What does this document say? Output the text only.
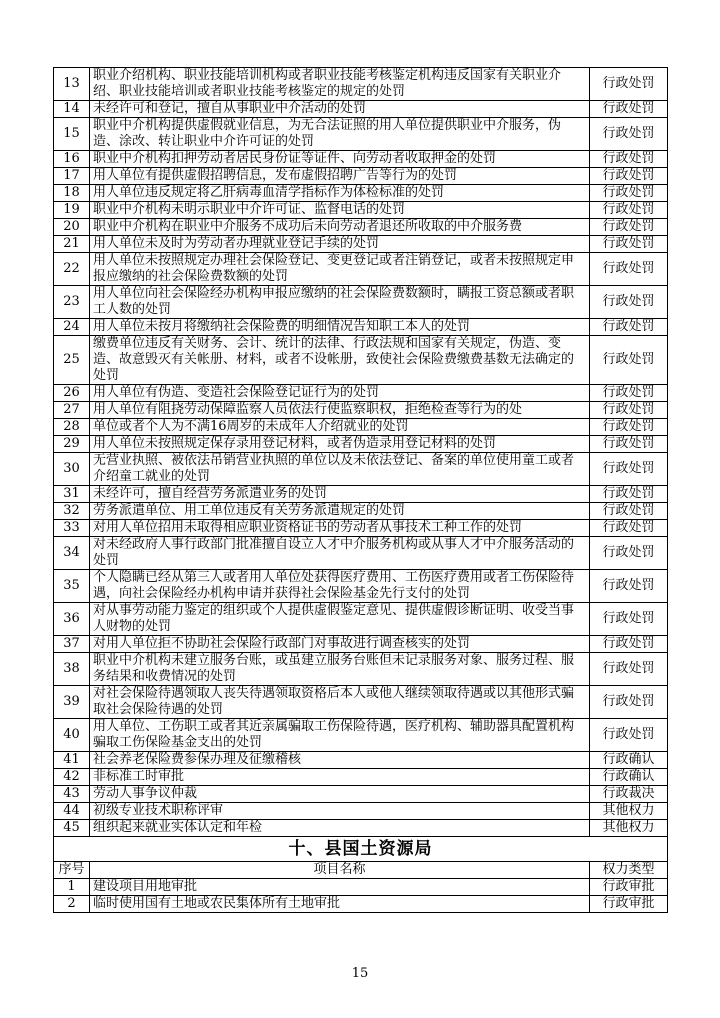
13	职业介绍机构、职业技能培训机构或者职业技能考核鉴定机构违反国家有关职业介绍、职业技能培训或者职业技能考核鉴定的规定的处罚	行政处罚
14	未经许可和登记，擅自从事职业中介活动的处罚	行政处罚
15	职业中介机构提供虚假就业信息，为无合法证照的用人单位提供职业中介服务，伪造、涂改、转让职业中介许可证的处罚	行政处罚
16	职业中介机构扣押劳动者居民身份证等证件、向劳动者收取押金的处罚	行政处罚
17	用人单位有提供虚假招聘信息，发布虚假招聘广告等行为的处罚	行政处罚
18	用人单位违反规定将乙肝病毒血清学指标作为体检标准的处罚	行政处罚
19	职业中介机构未明示职业中介许可证、监督电话的处罚	行政处罚
20	职业中介机构在职业中介服务不成功后未向劳动者退还所收取的中介服务费	行政处罚
21	用人单位未及时为劳动者办理就业登记手续的处罚	行政处罚
22	用人单位未按照规定办理社会保险登记、变更登记或者注销登记，或者未按照规定申报应缴纳的社会保险费数额的处罚	行政处罚
23	用人单位向社会保险经办机构申报应缴纳的社会保险费数额时，瞒报工资总额或者职工人数的处罚	行政处罚
24	用人单位未按月将缴纳社会保险费的明细情况告知职工本人的处罚	行政处罚
25	缴费单位违反有关财务、会计、统计的法律、行政法规和国家有关规定，伪造、变造、故意毁灭有关帐册、材料，或者不设帐册，致使社会保险费缴费基数无法确定的处罚	行政处罚
26	用人单位有伪造、变造社会保险登记证行为的处罚	行政处罚
27	用人单位有阻挠劳动保障监察人员依法行使监察职权，拒绝检查等行为的处	行政处罚
28	单位或者个人为不满16周岁的未成年人介绍就业的处罚	行政处罚
29	用人单位未按照规定保存录用登记材料，或者伪造录用登记材料的处罚	行政处罚
30	无营业执照、被依法吊销营业执照的单位以及未依法登记、备案的单位使用童工或者介绍童工就业的处罚	行政处罚
31	未经许可，擅自经营劳务派遣业务的处罚	行政处罚
32	劳务派遣单位、用工单位违反有关劳务派遣规定的处罚	行政处罚
33	对用人单位招用未取得相应职业资格证书的劳动者从事技术工种工作的处罚	行政处罚
34	对未经政府人事行政部门批准擅自设立人才中介服务机构或从事人才中介服务活动的处罚	行政处罚
35	个人隐瞒已经从第三人或者用人单位处获得医疗费用、工伤医疗费用或者工伤保险待遇，向社会保险经办机构申请并获得社会保险基金先行支付的处罚	行政处罚
36	对从事劳动能力鉴定的组织或个人提供虚假鉴定意见、提供虚假诊断证明、收受当事人财物的处罚	行政处罚
37	对用人单位拒不协助社会保险行政部门对事故进行调查核实的处罚	行政处罚
38	职业中介机构未建立服务台账，或虽建立服务台账但未记录服务对象、服务过程、服务结果和收费情况的处罚	行政处罚
39	对社会保险待遇领取人丧失待遇领取资格后本人或他人继续领取待遇或以其他形式骗取社会保险待遇的处罚	行政处罚
40	用人单位、工伤职工或者其近亲属骗取工伤保险待遇，医疗机构、辅助器具配置机构骗取工伤保险基金支出的处罚	行政处罚
41	社会养老保险费参保办理及征缴稽核	行政确认
42	非标准工时审批	行政确认
43	劳动人事争议仲裁	行政裁决
44	初级专业技术职称评审	其他权力
45	组织起来就业实体认定和年检	其他权力
十、县国土资源局		
序号	项目名称	权力类型
1	建设项目用地审批	行政审批
2	临时使用国有土地或农民集体所有土地审批	行政审批
15
